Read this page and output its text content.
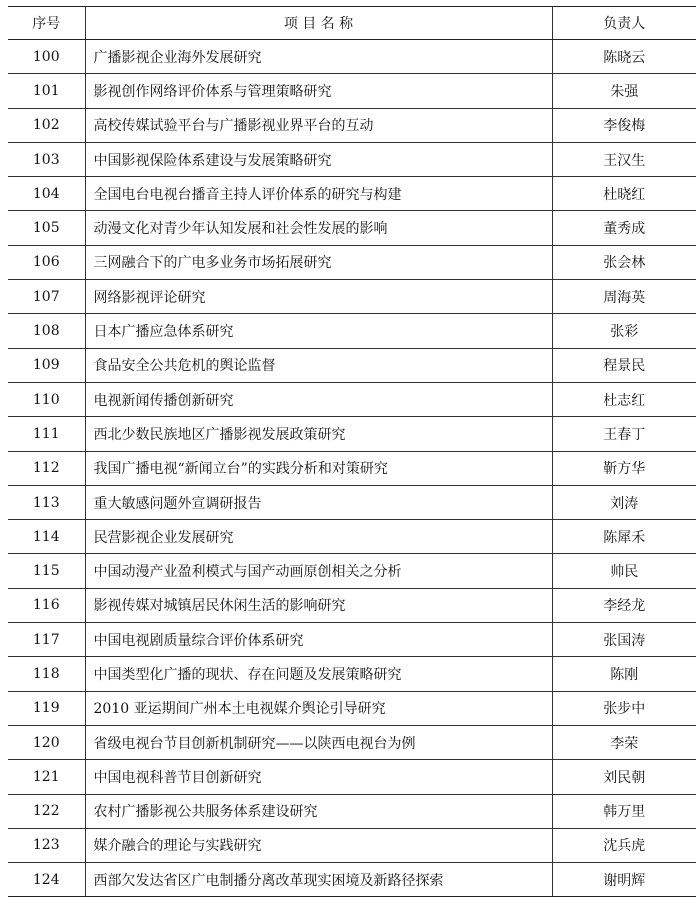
序号	项 目 名 称	负责人
100	广播影视企业海外发展研究	陈晓云
101	影视创作网络评价体系与管理策略研究	朱强
102	高校传媒试验平台与广播影视业界平台的互动	李俊梅
103	中国影视保险体系建设与发展策略研究	王汉生
104	全国电台电视台播音主持人评价体系的研究与构建	杜晓红
105	动漫文化对青少年认知发展和社会性发展的影响	董秀成
106	三网融合下的广电多业务市场拓展研究	张会林
107	网络影视评论研究	周海英
108	日本广播应急体系研究	张彩
109	食品安全公共危机的舆论监督	程景民
110	电视新闻传播创新研究	杜志红
111	西北少数民族地区广播影视发展政策研究	王春丁
112	我国广播电视“新闻立台”的实践分析和对策研究	靳方华
113	重大敏感问题外宣调研报告	刘涛
114	民营影视企业发展研究	陈犀禾
115	中国动漫产业盈利模式与国产动画原创相关之分析	帅民
116	影视传媒对城镇居民休闲生活的影响研究	李经龙
117	中国电视剧质量综合评价体系研究	张国涛
118	中国类型化广播的现状、存在问题及发展策略研究	陈刚
119	2010 亚运期间广州本土电视媒介舆论引导研究	张步中
120	省级电视台节目创新机制研究——以陕西电视台为例	李荣
121	中国电视科普节目创新研究	刘民朝
122	农村广播影视公共服务体系建设研究	韩万里
123	媒介融合的理论与实践研究	沈兵虎
124	西部欠发达省区广电制播分离改革现实困境及新路径探索	谢明辉
